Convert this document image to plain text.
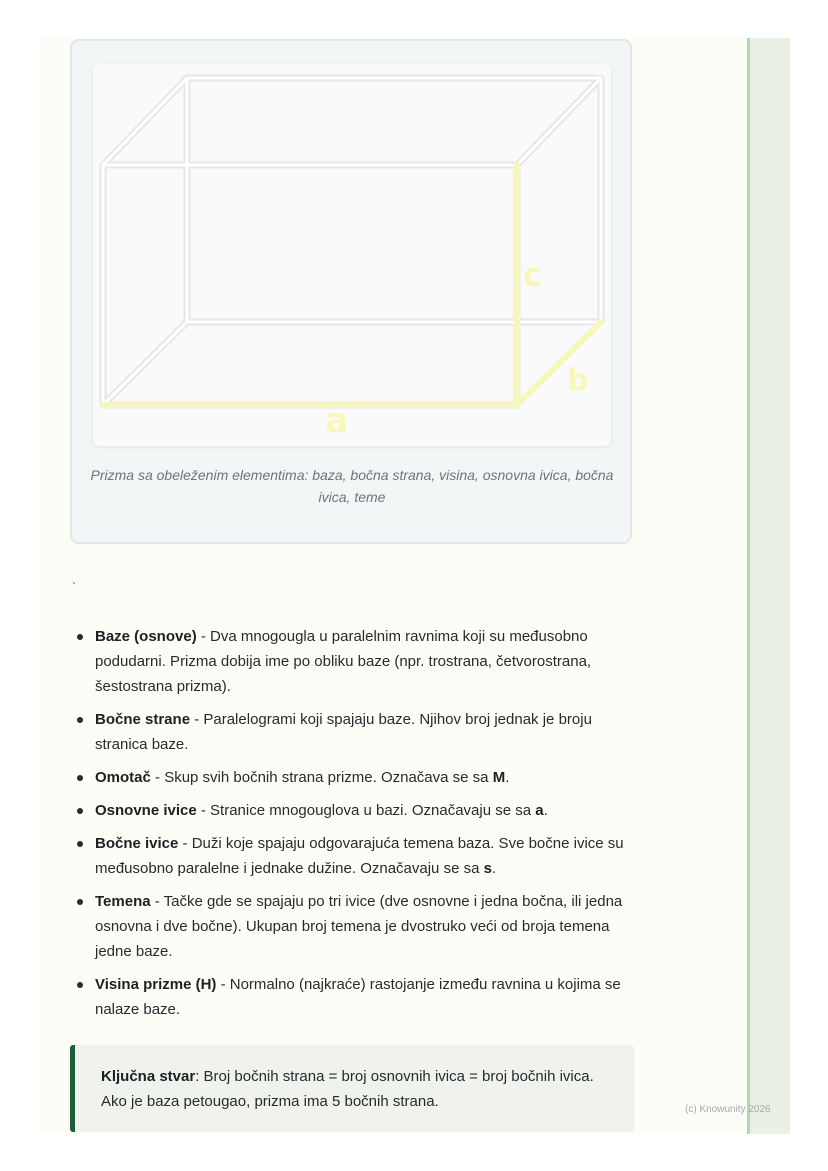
a
b
c
Prizma sa obeleženim elementima: baza, bočna strana, visina, osnovna ivica, bočna ivica, teme
`
Baze (osnove) - Dva mnogougla u paralelnim ravnima koji su međusobno podudarni. Prizma dobija ime po obliku baze (npr. trostrana, četvorostrana, šestostrana prizma).
Bočne strane - Paralelogrami koji spajaju baze. Njihov broj jednak je broju stranica baze.
Omotač - Skup svih bočnih strana prizme. Označava se sa M.
Osnovne ivice - Stranice mnogouglova u bazi. Označavaju se sa a.
Bočne ivice - Duži koje spajaju odgovarajuća temena baza. Sve bočne ivice su međusobno paralelne i jednake dužine. Označavaju se sa s.
Temena - Tačke gde se spajaju po tri ivice (dve osnovne i jedna bočna, ili jedna osnovna i dve bočne). Ukupan broj temena je dvostruko veći od broja temena jedne baze.
Visina prizme (H) - Normalno (najkraće) rastojanje između ravnina u kojima se nalaze baze.
Ključna stvar: Broj bočnih strana = broj osnovnih ivica = broj bočnih ivica. Ako je baza petougao, prizma ima 5 bočnih strana.	(c) Knowunity 2026
